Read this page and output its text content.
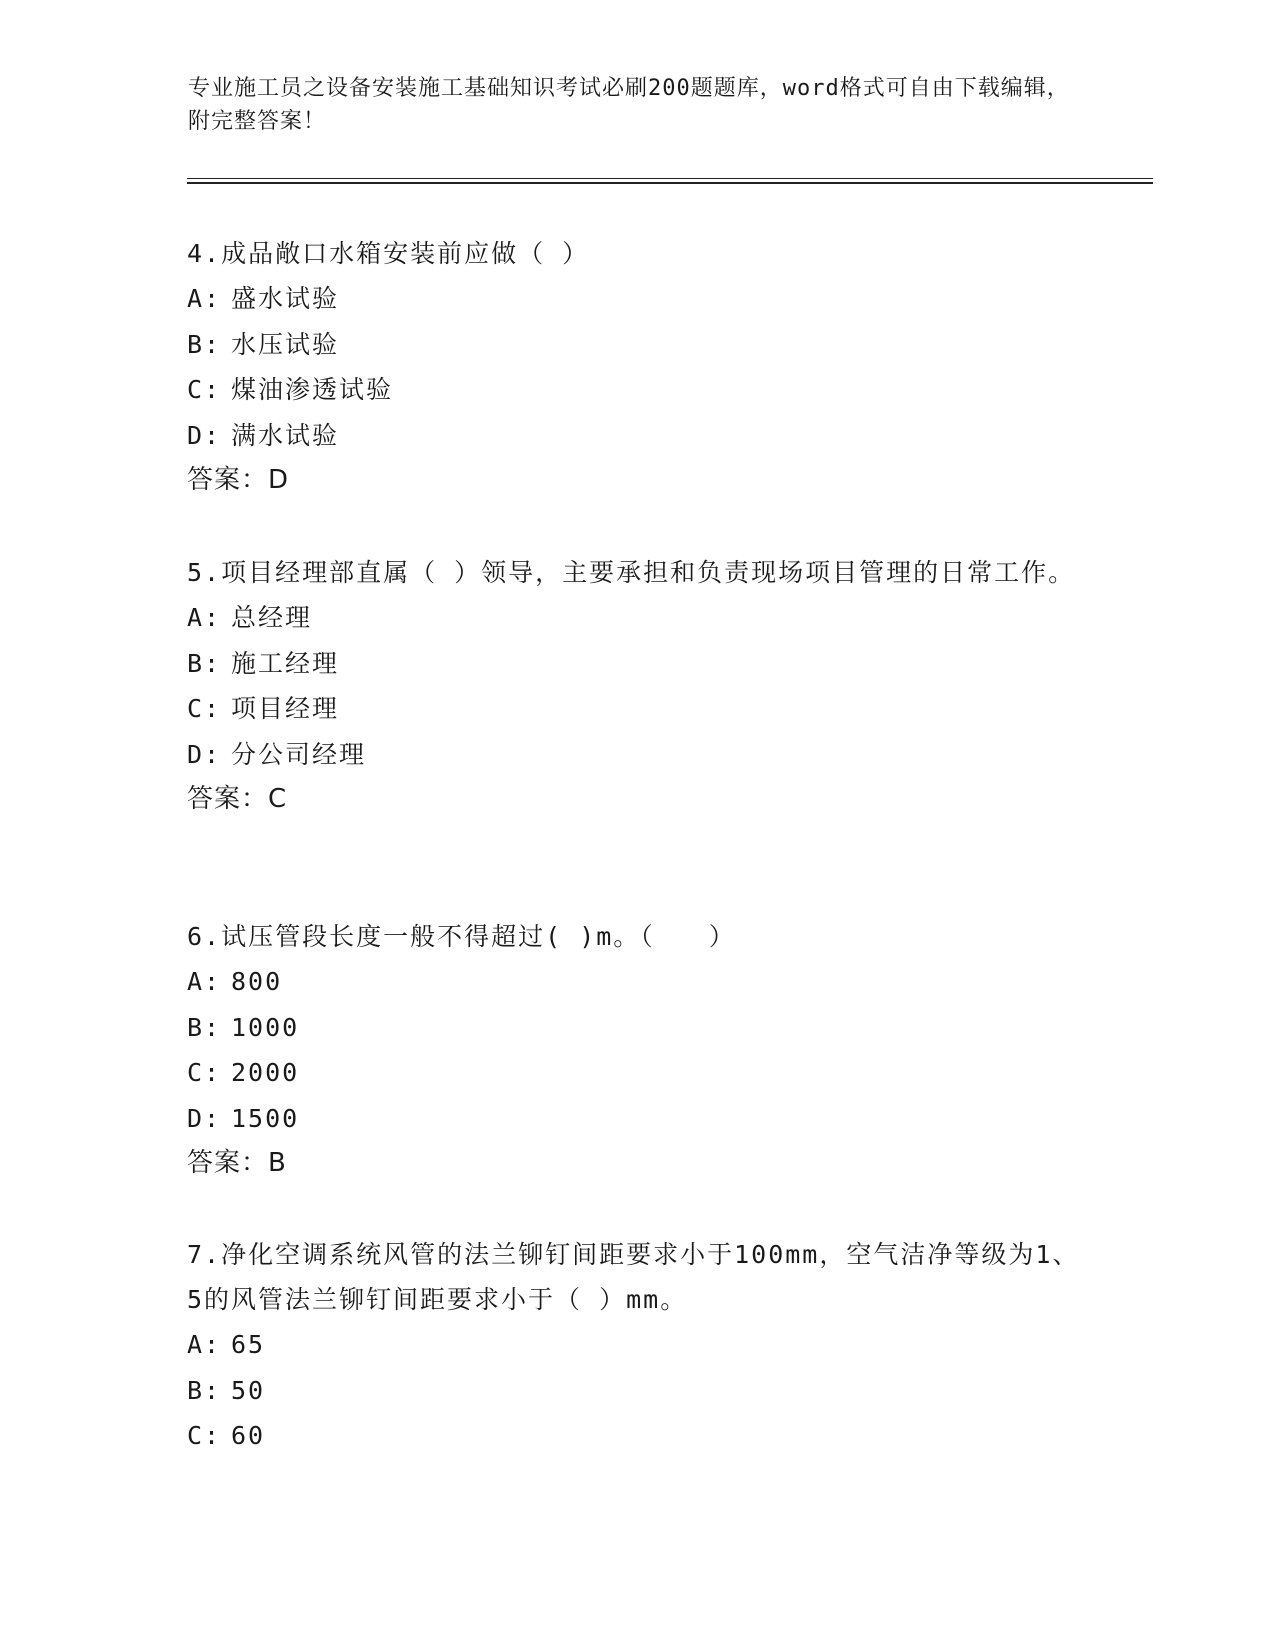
专业施工员之设备安装施工基础知识考试必刷200题题库，word格式可自由下载编辑，附完整答案！
4.成品敞口水箱安装前应做（ ）
A: 盛水试验
B: 水压试验
C: 煤油渗透试验
D: 满水试验
答案：D
5.项目经理部直属（ ）领导，主要承担和负责现场项目管理的日常工作。
A: 总经理
B: 施工经理
C: 项目经理
D: 分公司经理
答案：C
6.试压管段长度一般不得超过( )m。（　　）
A: 800
B: 1000
C: 2000
D: 1500
答案：B
7.净化空调系统风管的法兰铆钉间距要求小于100mm，空气洁净等级为1、5的风管法兰铆钉间距要求小于（ ）mm。
A: 65
B: 50
C: 60
